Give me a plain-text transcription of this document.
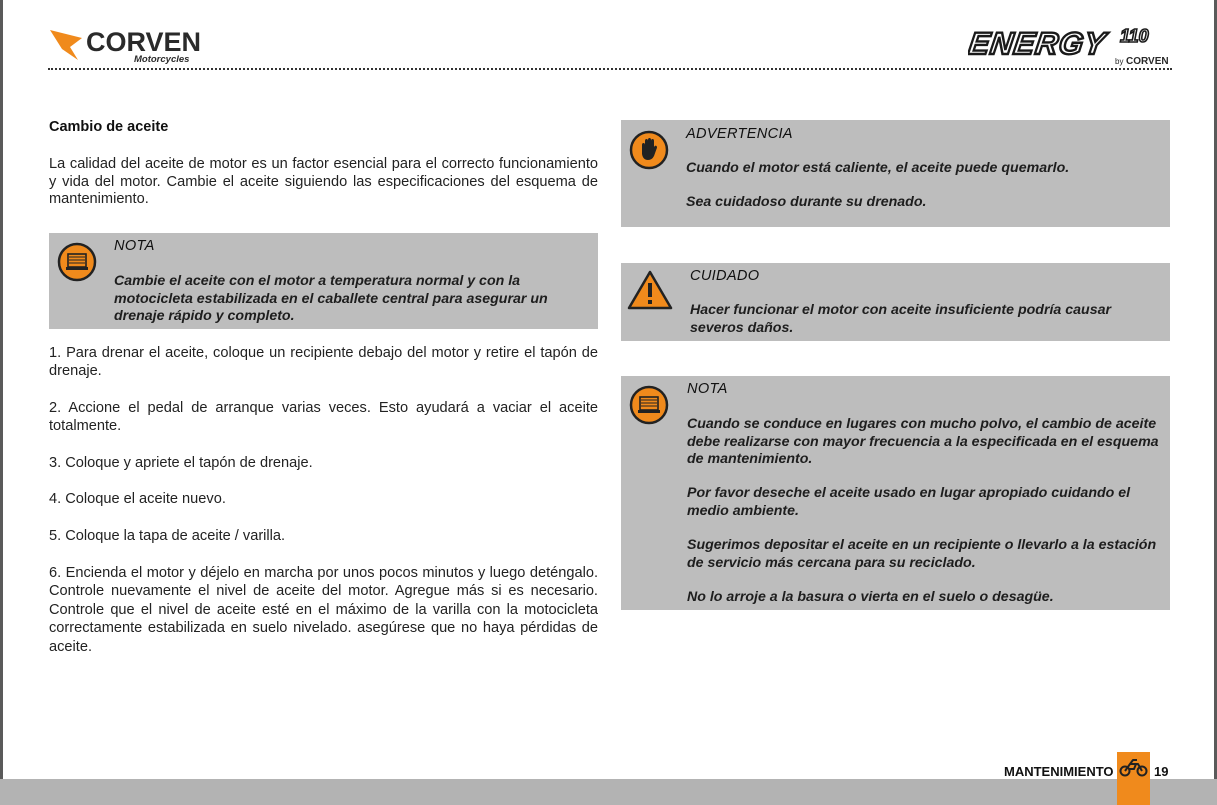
CORVEN
Motorcycles	ENERGY 110
by CORVEN
Cambio de aceite
La calidad del aceite de motor es un factor esencial para el correcto funcionamiento y vida del motor. Cambie el aceite siguiendo las especificaciones del esquema de mantenimiento.
NOTA
Cambie el aceite con el motor a temperatura normal y con la motocicleta estabilizada en el caballete central para asegurar un drenaje rápido y completo.
1. Para drenar el aceite, coloque un recipiente debajo del motor y retire el tapón de drenaje.
2. Accione el pedal de arranque varias veces. Esto ayudará a vaciar el aceite totalmente.
3. Coloque y apriete el tapón de drenaje.
4. Coloque el aceite nuevo.
5. Coloque la tapa de aceite / varilla.
6. Encienda el motor y déjelo en marcha por unos pocos minutos y luego deténgalo. Controle nuevamente el nivel de aceite del motor. Agregue más si es necesario. Controle que el nivel de aceite esté en el máximo de la varilla con la motocicleta correctamente estabilizada en suelo nivelado. asegúrese que no haya pérdidas de aceite.
ADVERTENCIA
Cuando el motor está caliente, el aceite puede quemarlo.
Sea cuidadoso durante su drenado.
CUIDADO
Hacer funcionar el motor con aceite insuficiente podría causar severos daños.
NOTA
Cuando se conduce en lugares con mucho polvo, el cambio de aceite debe realizarse con mayor frecuencia a la especificada en el esquema de mantenimiento.
Por favor deseche el aceite usado en lugar apropiado cuidando el medio ambiente.
Sugerimos depositar el aceite en un recipiente o llevarlo a la estación de servicio más cercana para su reciclado.
No lo arroje a la basura o vierta en el suelo o desagüe.
MANTENIMIENTO	19
